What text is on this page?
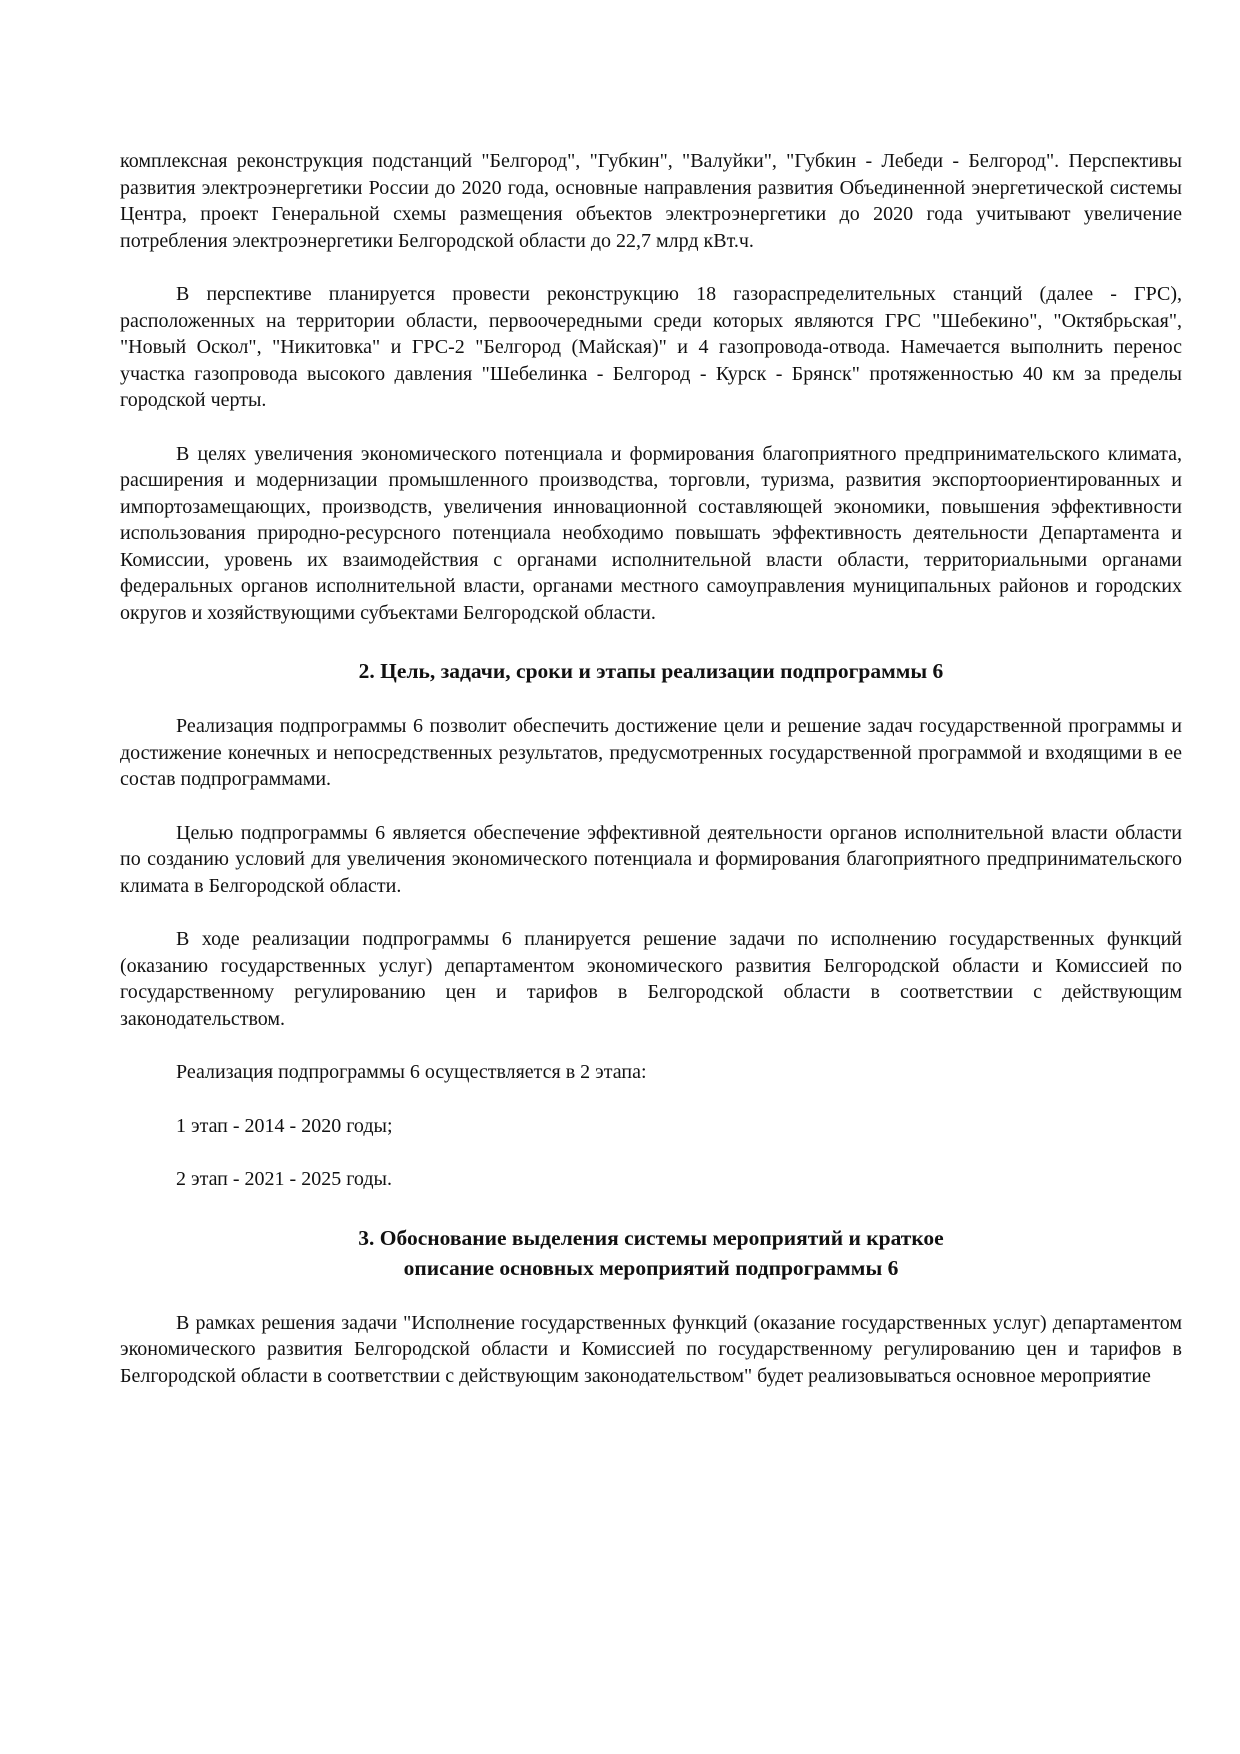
комплексная реконструкция подстанций "Белгород", "Губкин", "Валуйки", "Губкин - Лебеди - Белгород". Перспективы развития электроэнергетики России до 2020 года, основные направления развития Объединенной энергетической системы Центра, проект Генеральной схемы размещения объектов электроэнергетики до 2020 года учитывают увеличение потребления электроэнергетики Белгородской области до 22,7 млрд кВт.ч.

В перспективе планируется провести реконструкцию 18 газораспределительных станций (далее - ГРС), расположенных на территории области, первоочередными среди которых являются ГРС "Шебекино", "Октябрьская", "Новый Оскол", "Никитовка" и ГРС-2 "Белгород (Майская)" и 4 газопровода-отвода. Намечается выполнить перенос участка газопровода высокого давления "Шебелинка - Белгород - Курск - Брянск" протяженностью 40 км за пределы городской черты.

В целях увеличения экономического потенциала и формирования благоприятного предпринимательского климата, расширения и модернизации промышленного производства, торговли, туризма, развития экспортоориентированных и импортозамещающих, производств, увеличения инновационной составляющей экономики, повышения эффективности использования природно-ресурсного потенциала необходимо повышать эффективность деятельности Департамента и Комиссии, уровень их взаимодействия с органами исполнительной власти области, территориальными органами федеральных органов исполнительной власти, органами местного самоуправления муниципальных районов и городских округов и хозяйствующими субъектами Белгородской области.

2. Цель, задачи, сроки и этапы реализации подпрограммы 6

Реализация подпрограммы 6 позволит обеспечить достижение цели и решение задач государственной программы и достижение конечных и непосредственных результатов, предусмотренных государственной программой и входящими в ее состав подпрограммами.

Целью подпрограммы 6 является обеспечение эффективной деятельности органов исполнительной власти области по созданию условий для увеличения экономического потенциала и формирования благоприятного предпринимательского климата в Белгородской области.

В ходе реализации подпрограммы 6 планируется решение задачи по исполнению государственных функций (оказанию государственных услуг) департаментом экономического развития Белгородской области и Комиссией по государственному регулированию цен и тарифов в Белгородской области в соответствии с действующим законодательством.

Реализация подпрограммы 6 осуществляется в 2 этапа:

1 этап - 2014 - 2020 годы;

2 этап - 2021 - 2025 годы.

3. Обоснование выделения системы мероприятий и краткое
описание основных мероприятий подпрограммы 6

В рамках решения задачи "Исполнение государственных функций (оказание государственных услуг) департаментом экономического развития Белгородской области и Комиссией по государственному регулированию цен и тарифов в Белгородской области в соответствии с действующим законодательством" будет реализовываться основное мероприятие
